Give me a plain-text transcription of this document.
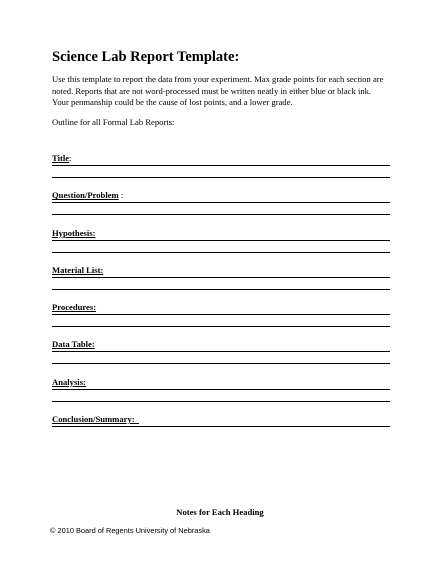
Science Lab Report Template:

Use this template to report the data from your experiment. Max grade points for each section are

noted. Reports that are not word-processed must be written neatly in either blue or black ink.

Your penmanship could be the cause of lost points, and a lower grade.

Outline for all Formal Lab Reports:
Title:
Question/Problem :
Hypothesis:
Material List:
Procedures:
Data Table:
Analysis:
Conclusion/Summary:
Notes for Each Heading
© 2010 Board of Regents University of Nebraska
